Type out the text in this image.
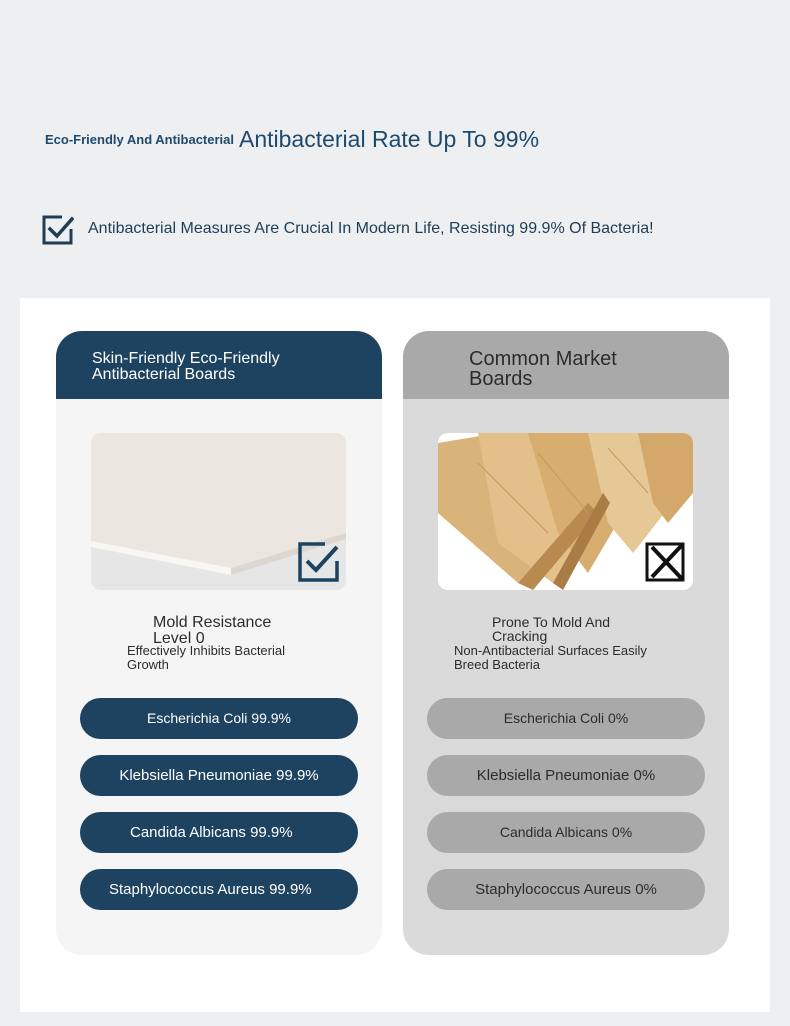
Eco-Friendly And Antibacterial Antibacterial Rate Up To 99%
Antibacterial Measures Are Crucial In Modern Life, Resisting 99.9% Of Bacteria!
Skin-Friendly Eco-Friendly Antibacterial Boards
Mold Resistance Level 0
Effectively Inhibits Bacterial Growth
Escherichia Coli 99.9%
Klebsiella Pneumoniae 99.9%
Candida Albicans 99.9%
Staphylococcus Aureus 99.9%
Common Market Boards
Prone To Mold And Cracking
Non-Antibacterial Surfaces Easily Breed Bacteria
Escherichia Coli 0%
Klebsiella Pneumoniae 0%
Candida Albicans 0%
Staphylococcus Aureus 0%
